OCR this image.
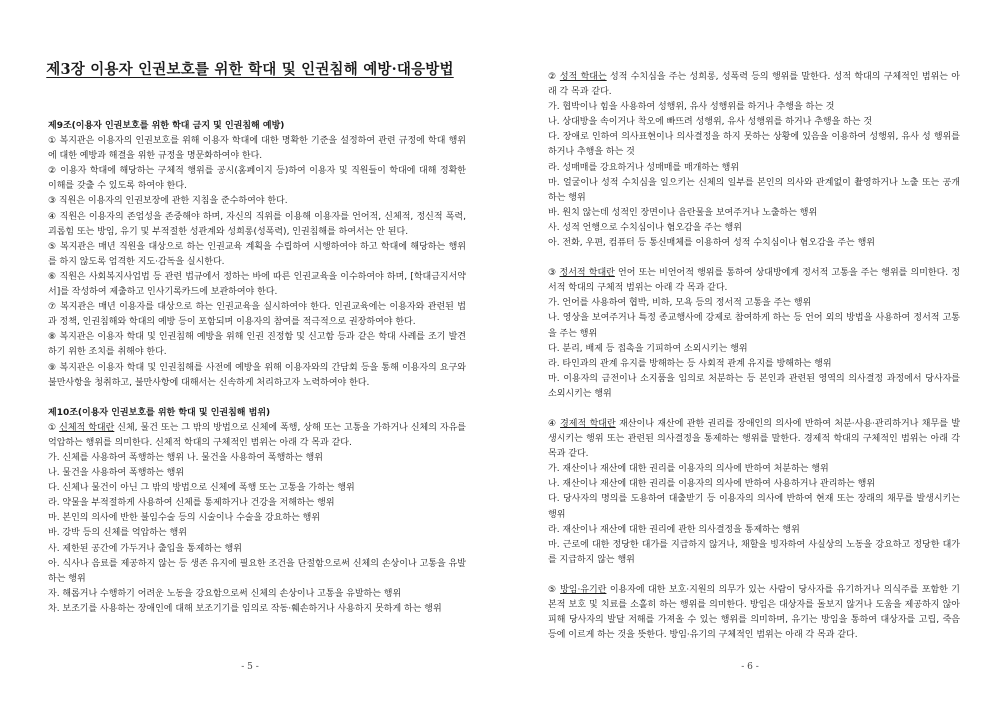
제3장 이용자 인권보호를 위한 학대 및 인권침해 예방·대응방법

제9조(이용자 인권보호를 위한 학대 금지 및 인권침해 예방)

① 복지관은 이용자의 인권보호를 위해 이용자 학대에 대한 명확한 기준을 설정하여 관련 규정에 학대 행위에 대한 예방과 해결을 위한 규정을 명문화하여야 한다.

② 이용자 학대에 해당하는 구체적 행위를 공시(홈페이지 등)하여 이용자 및 직원들이 학대에 대해 정확한 이해를 갖출 수 있도록 하여야 한다.

③ 직원은 이용자의 인권보장에 관한 지침을 준수하여야 한다.

④ 직원은 이용자의 존엄성을 존중해야 하며, 자신의 직위를 이용해 이용자를 언어적, 신체적, 정신적 폭력, 괴롭힘 또는 방임, 유기 및 부적절한 성관계와 성희롱(성폭력), 인권침해를 하여서는 안 된다.

⑤ 복지관은 매년 직원을 대상으로 하는 인권교육 계획을 수립하여 시행하여야 하고 학대에 해당하는 행위를 하지 않도록 엄격한 지도·감독을 실시한다.

⑥ 직원은 사회복지사업법 등 관련 법규에서 정하는 바에 따른 인권교육을 이수하여야 하며, [학대금지서약서]를 작성하여 제출하고 인사기록카드에 보관하여야 한다.

⑦ 복지관은 매년 이용자를 대상으로 하는 인권교육을 실시하여야 한다. 인권교육에는 이용자와 관련된 법과 정책, 인권침해와 학대의 예방 등이 포함되며 이용자의 참여를 적극적으로 권장하여야 한다.

⑧ 복지관은 이용자 학대 및 인권침해 예방을 위해 인권 진정함 및 신고함 등과 같은 학대 사례를 조기 발견하기 위한 조치를 취해야 한다.

⑨ 복지관은 이용자 학대 및 인권침해를 사전에 예방을 위해 이용자와의 간담회 등을 통해 이용자의 요구와 불만사항을 청취하고, 불만사항에 대해서는 신속하게 처리하고자 노력하여야 한다.

제10조(이용자 인권보호를 위한 학대 및 인권침해 범위)

① 신체적 학대란 신체, 물건 또는 그 밖의 방법으로 신체에 폭행, 상해 또는 고통을 가하거나 신체의 자유를 억압하는 행위를 의미한다. 신체적 학대의 구체적인 범위는 아래 각 목과 같다.

가. 신체를 사용하여 폭행하는 행위 나. 물건을 사용하여 폭행하는 행위

나. 물건을 사용하여 폭행하는 행위

다. 신체나 물건이 아닌 그 밖의 방법으로 신체에 폭행 또는 고통을 가하는 행위

라. 약물을 부적절하게 사용하여 신체를 통제하거나 건강을 저해하는 행위

마. 본인의 의사에 반한 불임수술 등의 시술이나 수술을 강요하는 행위

바. 강박 등의 신체를 억압하는 행위

사. 제한된 공간에 가두거나 출입을 통제하는 행위

아. 식사나 음료를 제공하지 않는 등 생존 유지에 필요한 조건을 단절함으로써 신체의 손상이나 고통을 유발하는 행위

자. 해롭거나 수행하기 어려운 노동을 강요함으로써 신체의 손상이나 고통을 유발하는 행위

차. 보조기를 사용하는 장애인에 대해 보조기기를 임의로 작동·훼손하거나 사용하지 못하게 하는 행위

- 5 -

② 성적 학대는 성적 수치심을 주는 성희롱, 성폭력 등의 행위를 말한다. 성적 학대의 구체적인 범위는 아래 각 목과 같다.

가. 협박이나 힘을 사용하여 성행위, 유사 성행위를 하거나 추행을 하는 것

나. 상대방을 속이거나 착오에 빠뜨려 성행위, 유사 성행위를 하거나 추행을 하는 것

다. 장애로 인하여 의사표현이나 의사결정을 하지 못하는 상황에 있음을 이용하여 성행위, 유사 성 행위를 하거나 추행을 하는 것

라. 성매매를 강요하거나 성매매를 매개하는 행위

마. 얼굴이나 성적 수치심을 일으키는 신체의 일부를 본인의 의사와 관계없이 촬영하거나 노출 또는 공개하는 행위

바. 원치 않는데 성적인 장면이나 음란물을 보여주거나 노출하는 행위

사. 성적 언행으로 수치심이나 혐오감을 주는 행위

아. 전화, 우편, 컴퓨터 등 통신매체를 이용하여 성적 수치심이나 혐오감을 주는 행위

③ 정서적 학대란 언어 또는 비언어적 행위를 통하여 상대방에게 정서적 고통을 주는 행위를 의미한다. 정서적 학대의 구체적 범위는 아래 각 목과 같다.

가. 언어를 사용하여 협박, 비하, 모욕 등의 정서적 고통을 주는 행위

나. 영상을 보여주거나 특정 종교행사에 강제로 참여하게 하는 등 언어 외의 방법을 사용하여 정서적 고통을 주는 행위

다. 분리, 배제 등 접촉을 기피하여 소외시키는 행위

라. 타인과의 관계 유지를 방해하는 등 사회적 관계 유지를 방해하는 행위

마. 이용자의 금전이나 소지품을 임의로 처분하는 등 본인과 관련된 영역의 의사결정 과정에서 당사자를 소외시키는 행위

④ 경제적 학대란 재산이나 재산에 관한 권리를 장애인의 의사에 반하여 처분·사용·관리하거나 채무를 발생시키는 행위 또는 관련된 의사결정을 통제하는 행위를 말한다. 경제적 학대의 구체적인 범위는 아래 각 목과 같다.

가. 재산이나 재산에 대한 권리를 이용자의 의사에 반하여 처분하는 행위

나. 재산이나 재산에 대한 권리를 이용자의 의사에 반하여 사용하거나 관리하는 행위

다. 당사자의 명의를 도용하여 대출받기 등 이용자의 의사에 반하여 현재 또는 장래의 채무를 발생시키는 행위

라. 재산이나 재산에 대한 권리에 관한 의사결정을 통제하는 행위

마. 근로에 대한 정당한 대가를 지급하지 않거나, 채할을 빙자하여 사실상의 노동을 강요하고 정당한 대가를 지급하지 않는 행위

⑤ 방임·유기란 이용자에 대한 보호·지원의 의무가 있는 사람이 당사자를 유기하거나 의식주를 포함한 기본적 보호 및 치료를 소홀히 하는 행위를 의미한다. 방임은 대상자를 돌보지 않거나 도움을 제공하지 않아 피해 당사자의 발달 저해를 가져올 수 있는 행위를 의미하며, 유기는 방임을 통하여 대상자를 고립, 죽음 등에 이르게 하는 것을 뜻한다. 방임·유기의 구체적인 범위는 아래 각 목과 같다.

- 6 -
